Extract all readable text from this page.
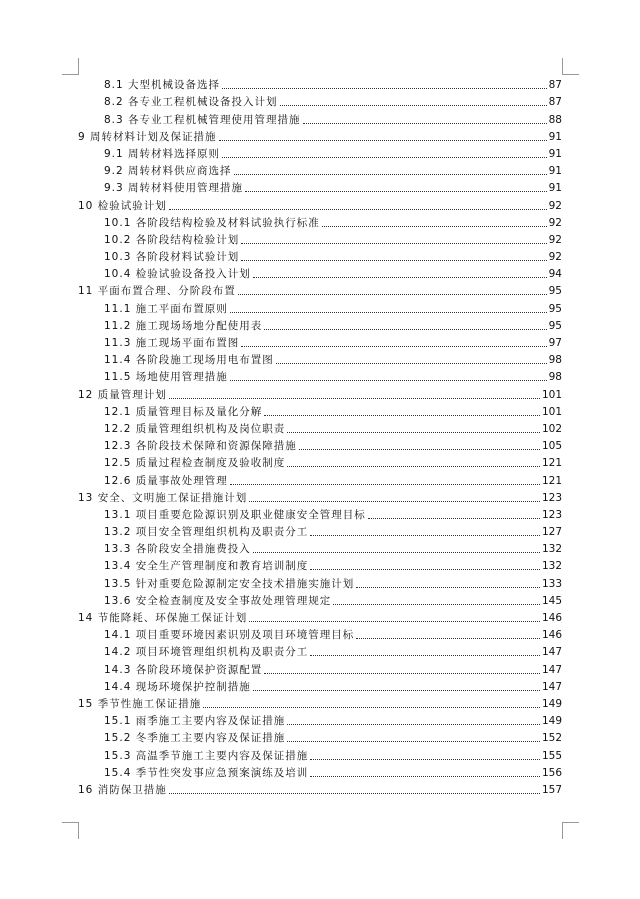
8.1 大型机械设备选择	87
8.2 各专业工程机械设备投入计划	87
8.3 各专业工程机械管理使用管理措施	88
9 周转材料计划及保证措施	91
9.1 周转材料选择原则	91
9.2 周转材料供应商选择	91
9.3 周转材料使用管理措施	91
10 检验试验计划	92
10.1 各阶段结构检验及材料试验执行标准	92
10.2 各阶段结构检验计划	92
10.3 各阶段材料试验计划	92
10.4 检验试验设备投入计划	94
11 平面布置合理、分阶段布置	95
11.1 施工平面布置原则	95
11.2 施工现场场地分配使用表	95
11.3 施工现场平面布置图	97
11.4 各阶段施工现场用电布置图	98
11.5 场地使用管理措施	98
12 质量管理计划	101
12.1 质量管理目标及量化分解	101
12.2 质量管理组织机构及岗位职责	102
12.3 各阶段技术保障和资源保障措施	105
12.5 质量过程检查制度及验收制度	121
12.6 质量事故处理管理	121
13 安全、文明施工保证措施计划	123
13.1 项目重要危险源识别及职业健康安全管理目标	123
13.2 项目安全管理组织机构及职责分工	127
13.3 各阶段安全措施费投入	132
13.4 安全生产管理制度和教育培训制度	132
13.5 针对重要危险源制定安全技术措施实施计划	133
13.6 安全检查制度及安全事故处理管理规定	145
14 节能降耗、环保施工保证计划	146
14.1 项目重要环境因素识别及项目环境管理目标	146
14.2 项目环境管理组织机构及职责分工	147
14.3 各阶段环境保护资源配置	147
14.4 现场环境保护控制措施	147
15 季节性施工保证措施	149
15.1 雨季施工主要内容及保证措施	149
15.2 冬季施工主要内容及保证措施	152
15.3 高温季节施工主要内容及保证措施	155
15.4 季节性突发事应急预案演练及培训	156
16 消防保卫措施	157
